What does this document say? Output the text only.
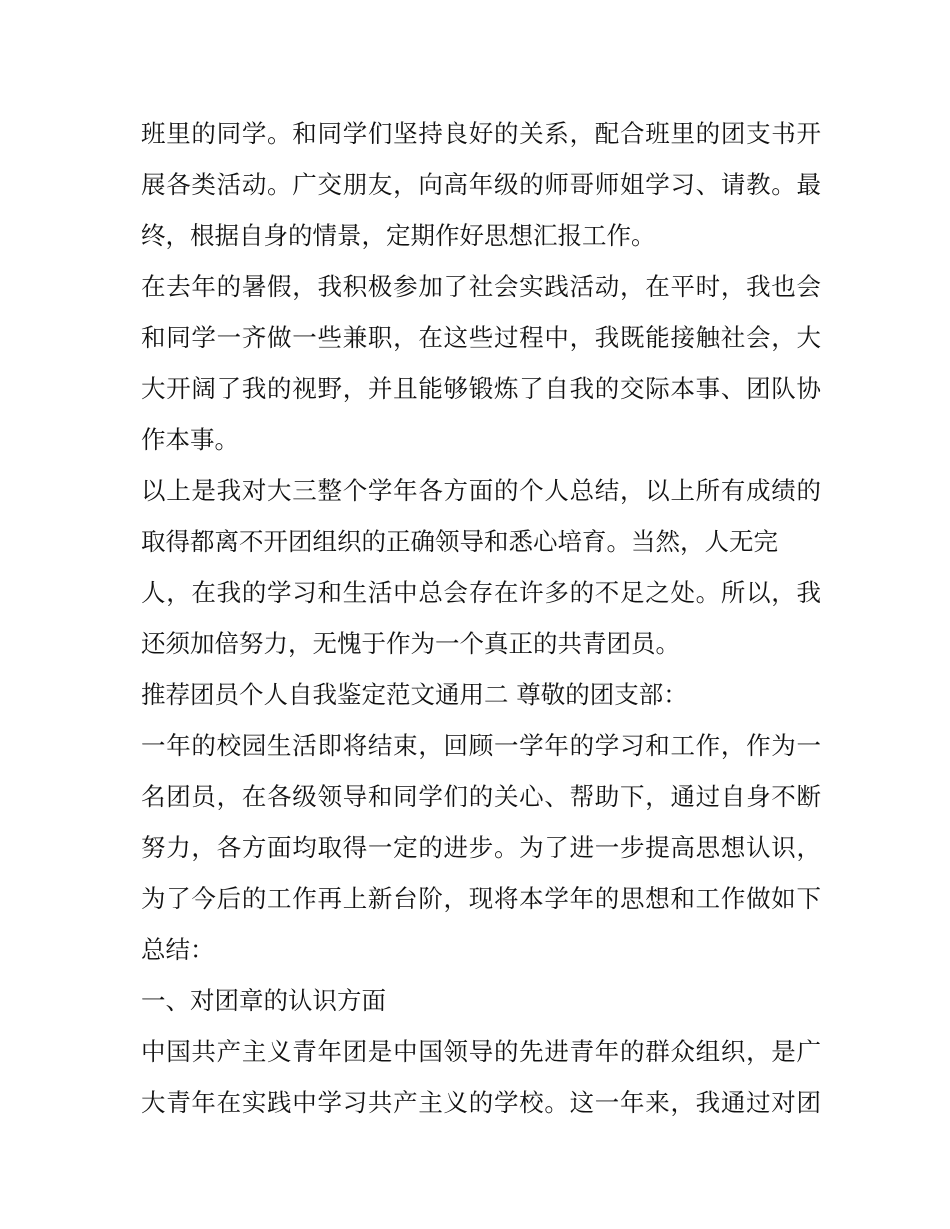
班里的同学。和同学们坚持良好的关系，配合班里的团支书开
展各类活动。广交朋友，向高年级的师哥师姐学习、请教。最
终，根据自身的情景，定期作好思想汇报工作。
在去年的暑假，我积极参加了社会实践活动，在平时，我也会
和同学一齐做一些兼职，在这些过程中，我既能接触社会，大
大开阔了我的视野，并且能够锻炼了自我的交际本事、团队协
作本事。
以上是我对大三整个学年各方面的个人总结，以上所有成绩的
取得都离不开团组织的正确领导和悉心培育。当然，人无完
人，在我的学习和生活中总会存在许多的不足之处。所以，我
还须加倍努力，无愧于作为一个真正的共青团员。
推荐团员个人自我鉴定范文通用二 尊敬的团支部：
一年的校园生活即将结束，回顾一学年的学习和工作，作为一
名团员，在各级领导和同学们的关心、帮助下，通过自身不断
努力，各方面均取得一定的进步。为了进一步提高思想认识，
为了今后的工作再上新台阶，现将本学年的思想和工作做如下
总结：
一、对团章的认识方面
中国共产主义青年团是中国领导的先进青年的群众组织，是广
大青年在实践中学习共产主义的学校。这一年来，我通过对团
